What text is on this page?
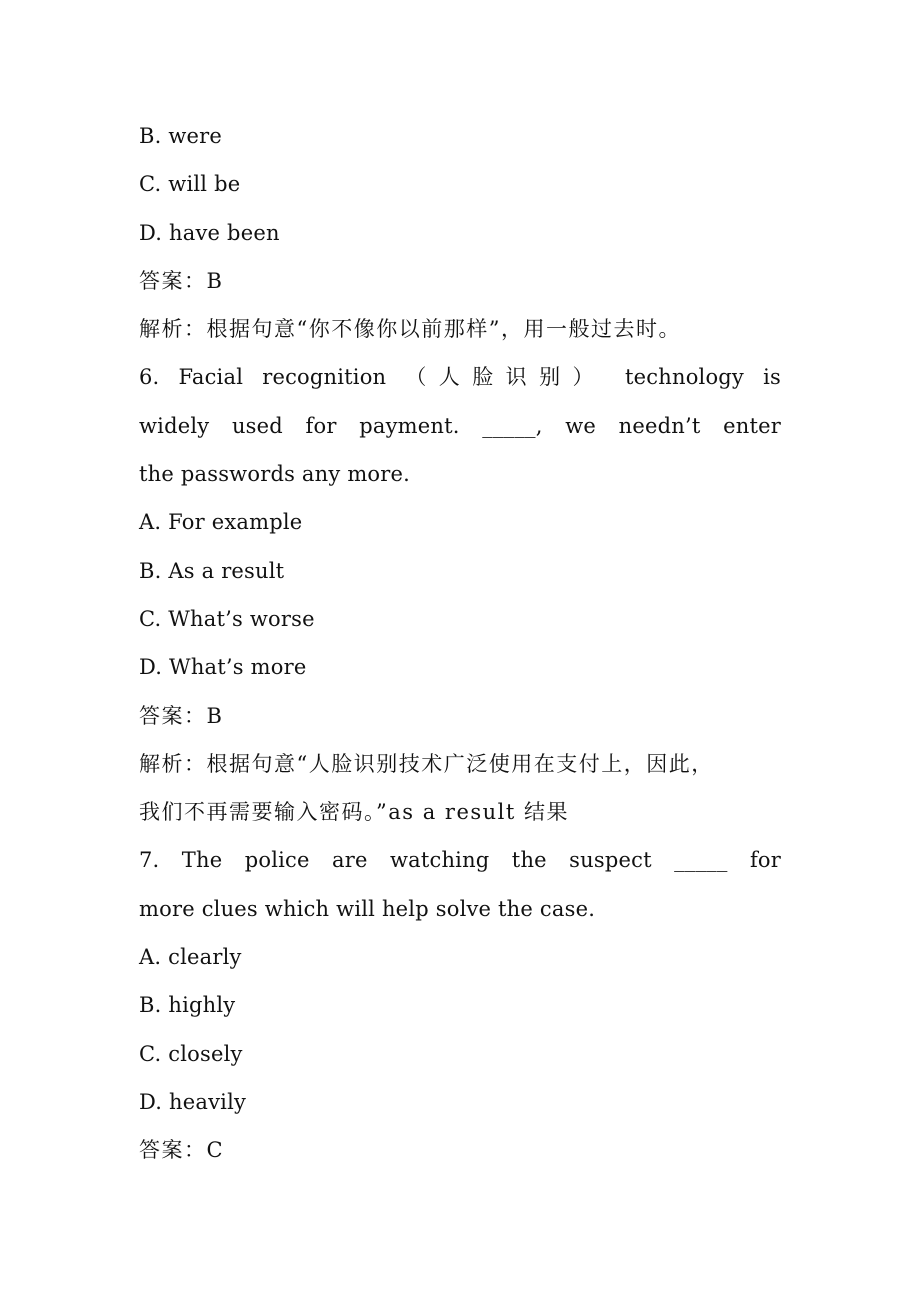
B. were
C. will be
D. have been
答案：B
解析：根据句意“你不像你以前那样”，用一般过去时。
6. Facial recognition （人脸识别） technology is
widely used for payment. _____, we needn’t enter
the passwords any more.
A. For example
B. As a result
C. What’s worse
D. What’s more
答案：B
解析：根据句意“人脸识别技术广泛使用在支付上，因此，
我们不再需要输入密码。”as a result 结果
7. The police are watching the suspect _____ for
more clues which will help solve the case.
A. clearly
B. highly
C. closely
D. heavily
答案：C
